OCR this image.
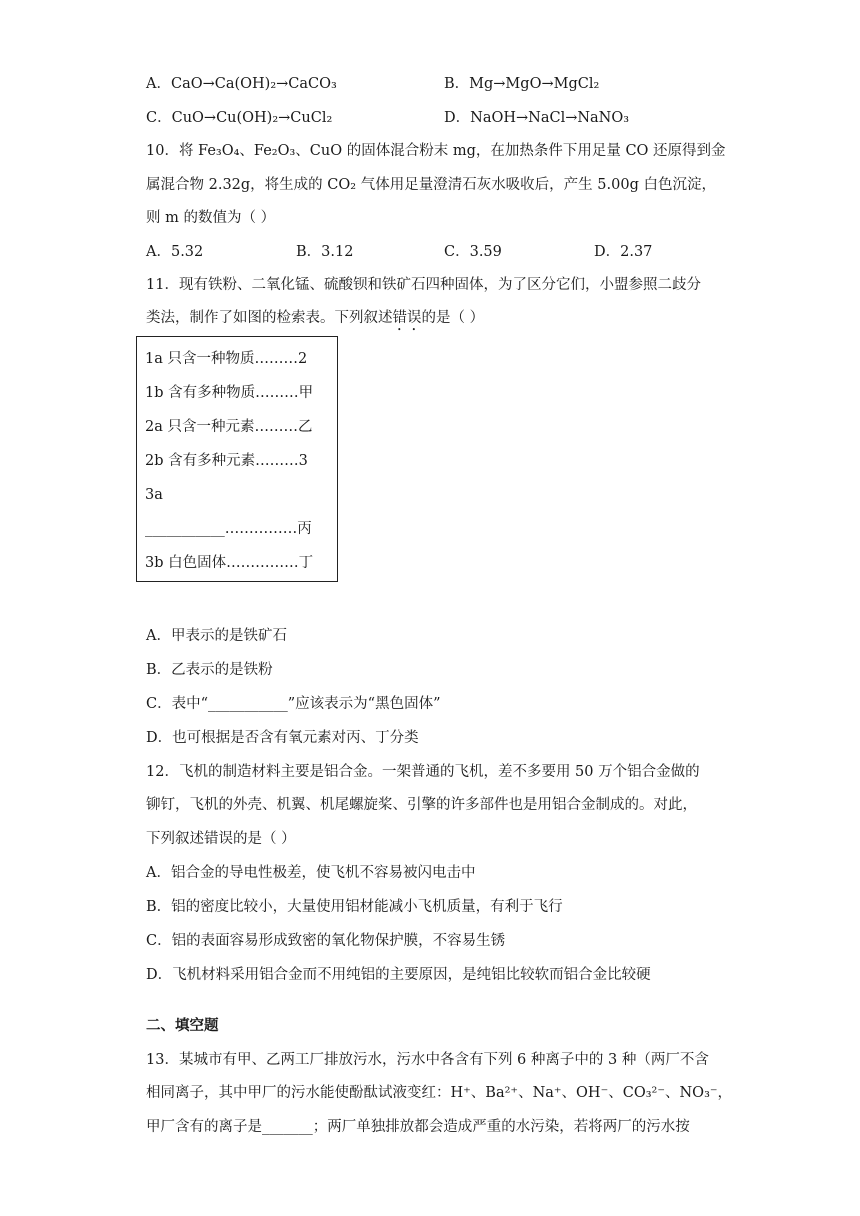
A．CaO→Ca(OH)₂→CaCO₃	B．Mg→MgO→MgCl₂
C．CuO→Cu(OH)₂→CuCl₂	D．NaOH→NaCl→NaNO₃
10．将 Fe₃O₄、Fe₂O₃、CuO 的固体混合粉末 mg，在加热条件下用足量 CO 还原得到金
属混合物 2.32g，将生成的 CO₂ 气体用足量澄清石灰水吸收后，产生 5.00g 白色沉淀，
则 m 的数值为（ ）
A．5.32	B．3.12	C．3.59	D．2.37
11．现有铁粉、二氧化锰、硫酸钡和铁矿石四种固体，为了区分它们，小盟参照二歧分
类法，制作了如图的检索表。下列叙述错误的是（ ）
1a 只含一种物质………2
1b 含有多种物质………甲
2a 只含一种元素………乙
2b 含有多种元素………3
3a
___________……………丙
3b 白色固体……………丁
A．甲表示的是铁矿石
B．乙表示的是铁粉
C．表中“___________”应该表示为“黑色固体”
D．也可根据是否含有氧元素对丙、丁分类
12．飞机的制造材料主要是铝合金。一架普通的飞机，差不多要用 50 万个铝合金做的
铆钉，飞机的外壳、机翼、机尾螺旋桨、引擎的许多部件也是用铝合金制成的。对此，
下列叙述错误的是（ ）
A．铝合金的导电性极差，使飞机不容易被闪电击中
B．铝的密度比较小，大量使用铝材能减小飞机质量，有利于飞行
C．铝的表面容易形成致密的氧化物保护膜，不容易生锈
D．飞机材料采用铝合金而不用纯铝的主要原因，是纯铝比较软而铝合金比较硬
二、填空题
13．某城市有甲、乙两工厂排放污水，污水中各含有下列 6 种离子中的 3 种（两厂不含
相同离子，其中甲厂的污水能使酚酞试液变红：H⁺、Ba²⁺、Na⁺、OH⁻、CO₃²⁻、NO₃⁻，
甲厂含有的离子是_______；两厂单独排放都会造成严重的水污染，若将两厂的污水按
